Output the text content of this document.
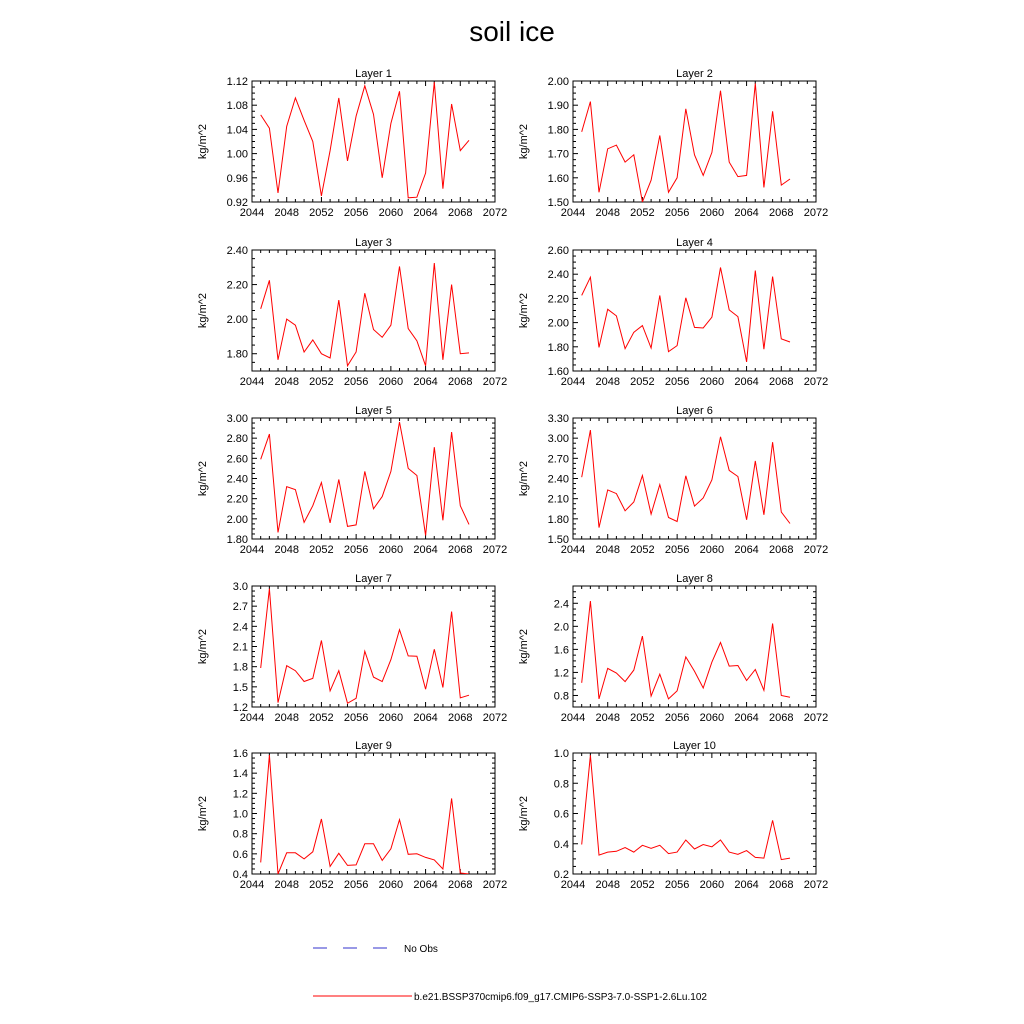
soil ice
Layer 1
kg/m^2
2044 2048 2052 2056 2060 2064 2068 2072
0.92
0.96
1.00
1.04
1.08
1.12
Layer 2
kg/m^2
2044 2048 2052 2056 2060 2064 2068 2072
1.50
1.60
1.70
1.80
1.90
2.00
Layer 3
kg/m^2
2044 2048 2052 2056 2060 2064 2068 2072
1.80
2.00
2.20
2.40
Layer 4
kg/m^2
2044 2048 2052 2056 2060 2064 2068 2072
1.60
1.80
2.00
2.20
2.40
2.60
Layer 5
kg/m^2
2044 2048 2052 2056 2060 2064 2068 2072
1.80
2.00
2.20
2.40
2.60
2.80
3.00
Layer 6
kg/m^2
2044 2048 2052 2056 2060 2064 2068 2072
1.50
1.80
2.10
2.40
2.70
3.00
3.30
Layer 7
kg/m^2
2044 2048 2052 2056 2060 2064 2068 2072
1.2
1.5
1.8
2.1
2.4
2.7
3.0
Layer 8
kg/m^2
2044 2048 2052 2056 2060 2064 2068 2072
0.8
1.2
1.6
2.0
2.4
Layer 9
kg/m^2
2044 2048 2052 2056 2060 2064 2068 2072
0.4
0.6
0.8
1.0
1.2
1.4
1.6
Layer 10
kg/m^2
2044 2048 2052 2056 2060 2064 2068 2072
0.2
0.4
0.6
0.8
1.0
No Obs
b.e21.BSSP370cmip6.f09_g17.CMIP6-SSP3-7.0-SSP1-2.6Lu.102
